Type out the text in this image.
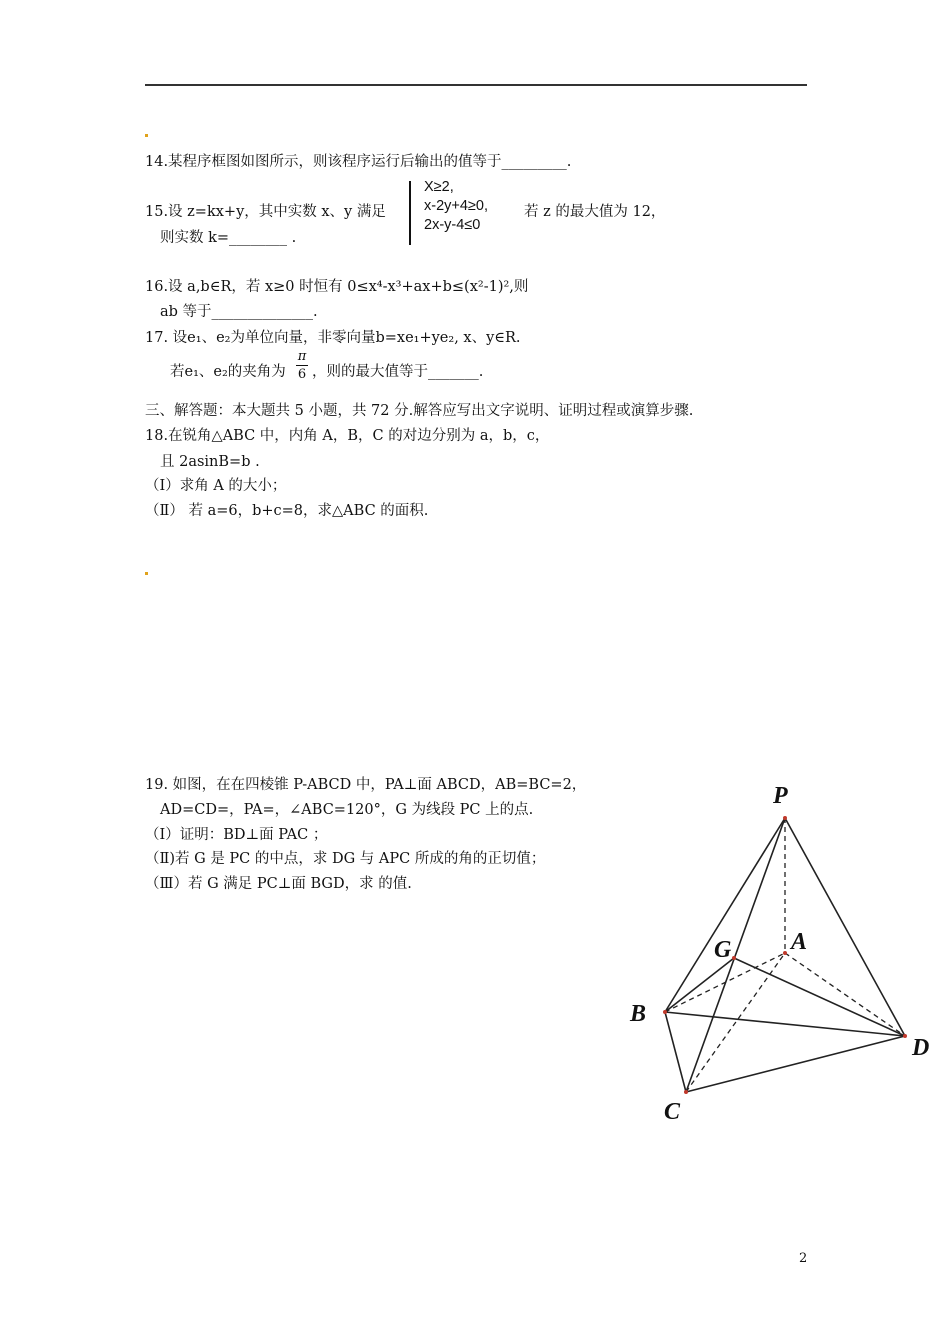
14.某程序框图如图所示，则该程序运行后输出的值等于_________.
15.设 z=kx+y，其中实数 x、y 满足
X≥2,
x-2y+4≥0,
2x-y-4≤0
若 z 的最大值为 12，
则实数 k=________ .
16.设 a,b∈R，若 x≥0 时恒有 0≤x⁴-x³+ax+b≤(x²-1)²,则
ab 等于______________.
17. 设e₁、e₂为单位向量，非零向量b=xe₁+ye₂, x、y∈R.
若e₁、e₂的夹角为
π
6 ，则的最大值等于_______.
三、解答题：本大题共 5 小题，共 72 分.解答应写出文字说明、证明过程或演算步骤.
18.在锐角△ABC 中，内角 A，B，C 的对边分别为 a，b，c，
且 2asinB=b .
（Ⅰ）求角 A 的大小；
（Ⅱ） 若 a=6，b+c=8，求△ABC 的面积.
19. 如图，在在四棱锥 P-ABCD 中，PA⊥面 ABCD，AB=BC=2，
AD=CD=，PA=，∠ABC=120°，G 为线段 PC 上的点.
（Ⅰ）证明：BD⊥面 PAC ；
（Ⅱ)若 G 是 PC 的中点，求 DG 与 APC 所成的角的正切值；
（Ⅲ）若 G 满足 PC⊥面 BGD，求 的值.
P
A
G
B
C
D
2
